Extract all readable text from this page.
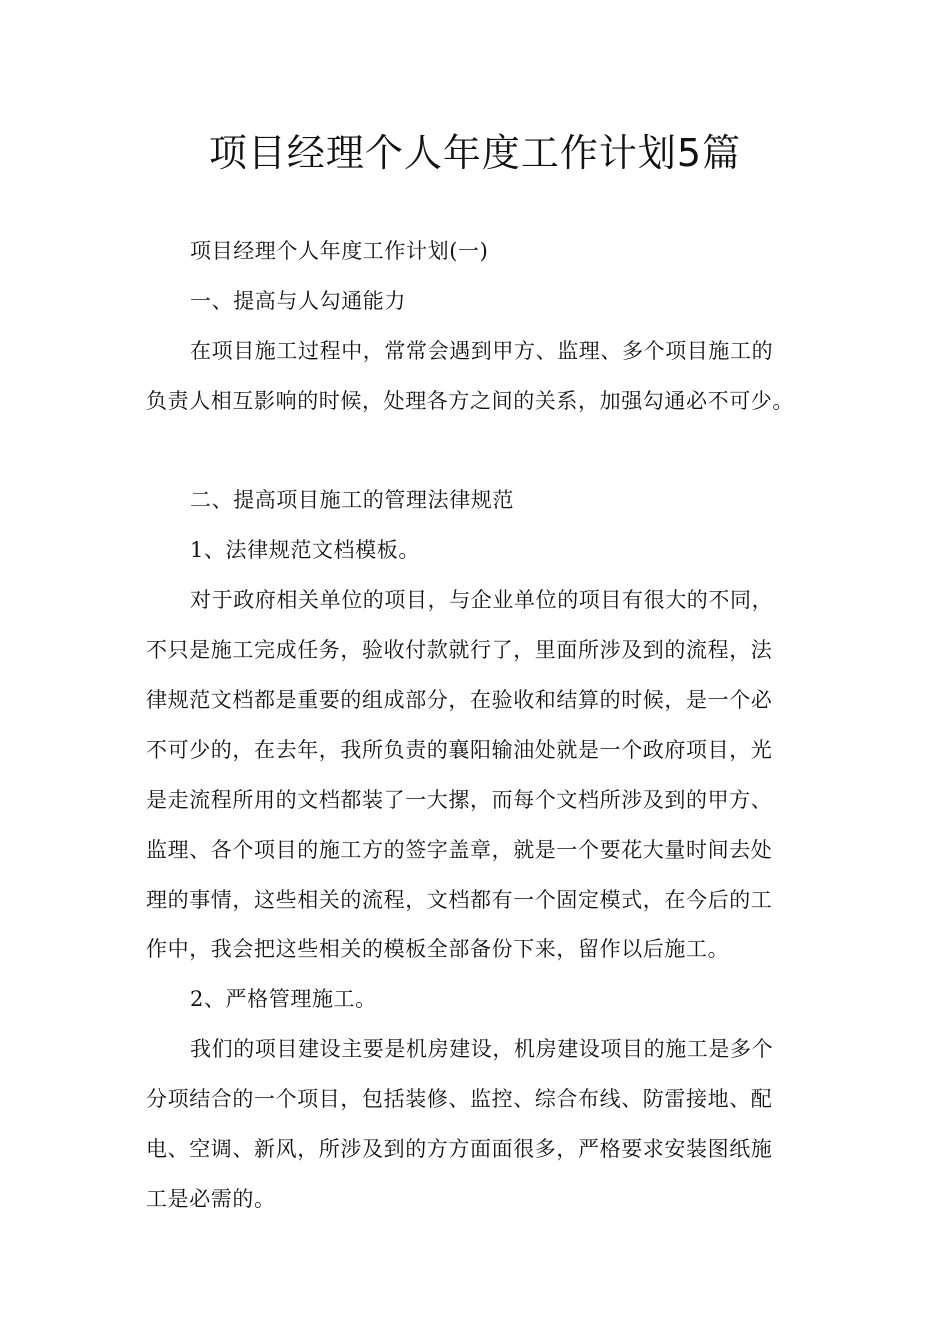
项目经理个人年度工作计划5篇

项目经理个人年度工作计划(一)

一、提高与人勾通能力

在项目施工过程中，常常会遇到甲方、监理、多个项目施工的

负责人相互影响的时候，处理各方之间的关系，加强勾通必不可少。

二、提高项目施工的管理法律规范

1、法律规范文档模板。

对于政府相关单位的项目，与企业单位的项目有很大的不同，

不只是施工完成任务，验收付款就行了，里面所涉及到的流程，法

律规范文档都是重要的组成部分，在验收和结算的时候，是一个必

不可少的，在去年，我所负责的襄阳输油处就是一个政府项目，光

是走流程所用的文档都装了一大摞，而每个文档所涉及到的甲方、

监理、各个项目的施工方的签字盖章，就是一个要花大量时间去处

理的事情，这些相关的流程，文档都有一个固定模式，在今后的工

作中，我会把这些相关的模板全部备份下来，留作以后施工。

2、严格管理施工。

我们的项目建设主要是机房建设，机房建设项目的施工是多个

分项结合的一个项目，包括装修、监控、综合布线、防雷接地、配

电、空调、新风，所涉及到的方方面面很多，严格要求安装图纸施

工是必需的。
